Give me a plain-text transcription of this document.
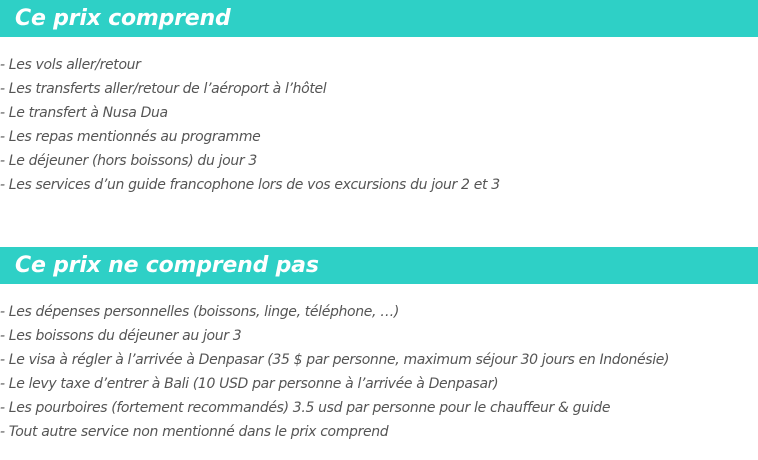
Ce prix comprend
- Les vols aller/retour
- Les transferts aller/retour de l’aéroport à l’hôtel
- Le transfert à Nusa Dua
- Les repas mentionnés au programme
- Le déjeuner (hors boissons) du jour 3
- Les services d’un guide francophone lors de vos excursions du jour 2 et 3
Ce prix ne comprend pas
- Les dépenses personnelles (boissons, linge, téléphone, …)
- Les boissons du déjeuner au jour 3
- Le visa à régler à l’arrivée à Denpasar (35 $ par personne, maximum séjour 30 jours en Indonésie)
- Le levy taxe d’entrer à Bali (10 USD par personne à l’arrivée à Denpasar)
- Les pourboires (fortement recommandés) 3.5 usd par personne pour le chauffeur & guide
- Tout autre service non mentionné dans le prix comprend
